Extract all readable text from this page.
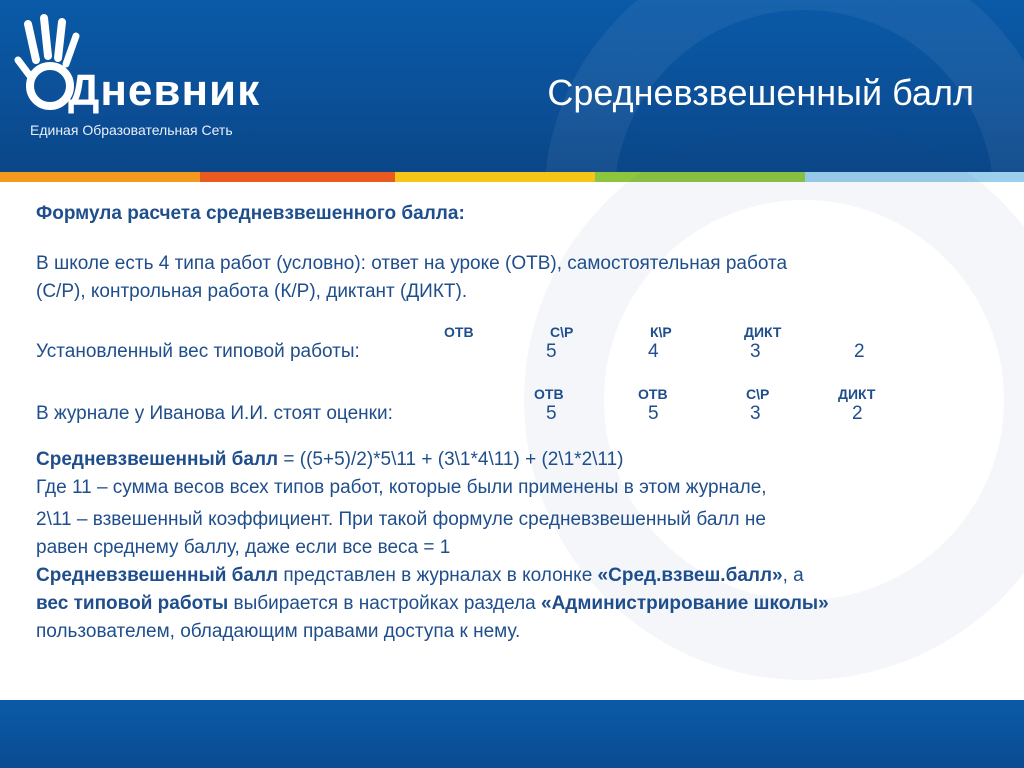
Дневник
Единая Образовательная Сеть
Средневзвешенный балл

Формула расчета средневзвешенного балла:

В школе есть 4 типа работ (условно): ответ на уроке (ОТВ), самостоятельная работа

(С/Р), контрольная работа (К/Р), диктант (ДИКТ).

ОТВ	С\Р	К\Р	ДИКТ
Установленный вес типовой работы:	5	4	3	2
ОТВ	ОТВ	С\Р	ДИКТ
В журнале у Иванова И.И. стоят оценки:	5	5	3	2

Средневзвешенный балл = ((5+5)/2)*5\11 + (3\1*4\11) + (2\1*2\11)

Где 11 – сумма весов всех типов работ, которые были применены в этом журнале,

2\11 – взвешенный коэффициент. При такой формуле средневзвешенный балл не

равен среднему баллу, даже если все веса = 1

Средневзвешенный балл представлен в журналах в колонке «Сред.взвеш.балл», а

вес типовой работы выбирается в настройках раздела «Администрирование школы»

пользователем, обладающим правами доступа к нему.
